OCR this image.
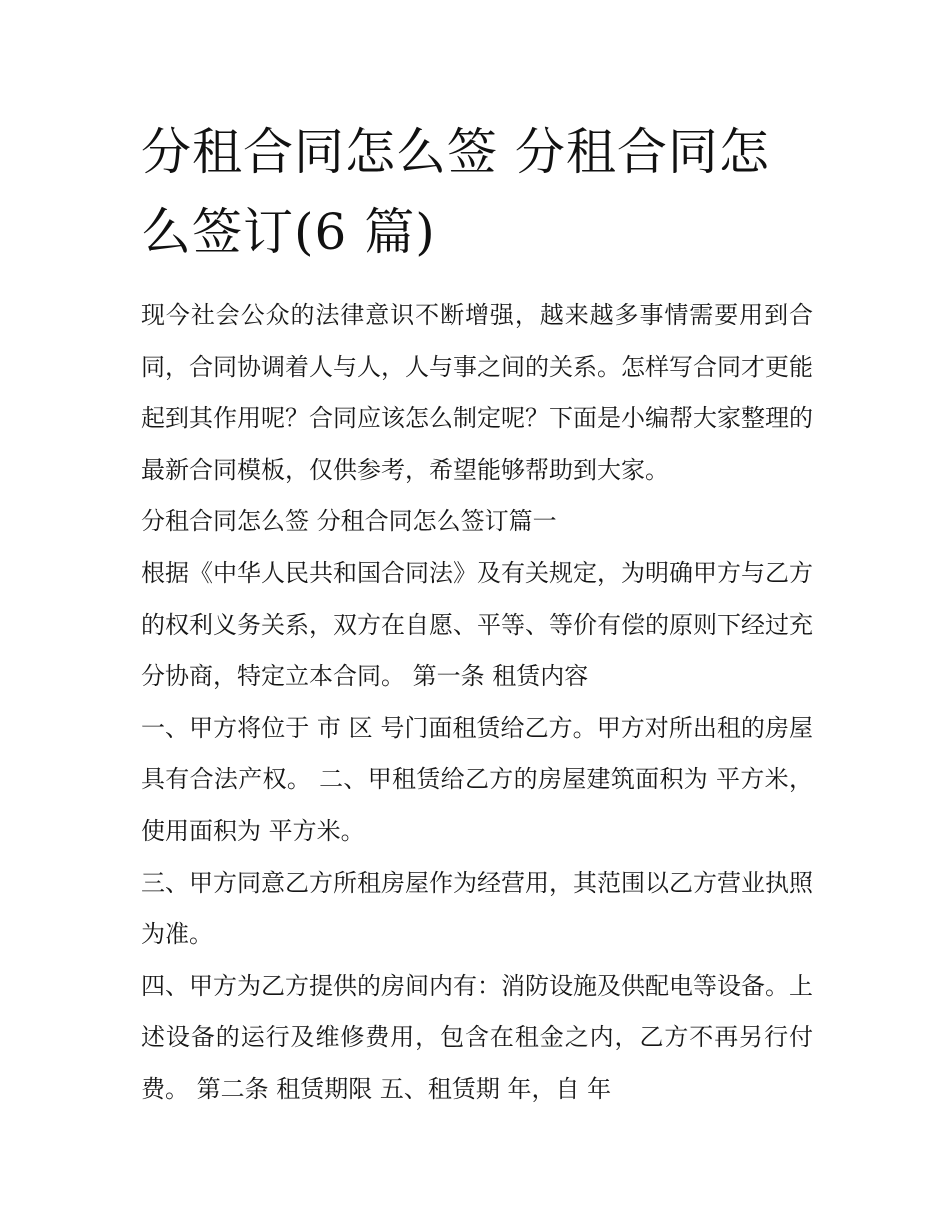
分租合同怎么签 分租合同怎么签订(6 篇)

现今社会公众的法律意识不断增强，越来越多事情需要用到合同，合同协调着人与人，人与事之间的关系。怎样写合同才更能起到其作用呢？合同应该怎么制定呢？下面是小编帮大家整理的最新合同模板，仅供参考，希望能够帮助到大家。

分租合同怎么签 分租合同怎么签订篇一

根据《中华人民共和国合同法》及有关规定，为明确甲方与乙方的权利义务关系，双方在自愿、平等、等价有偿的原则下经过充分协商，特定立本合同。 第一条 租赁内容

一、甲方将位于 市 区 号门面租赁给乙方。甲方对所出租的房屋具有合法产权。 二、甲租赁给乙方的房屋建筑面积为 平方米，使用面积为 平方米。

三、甲方同意乙方所租房屋作为经营用，其范围以乙方营业执照为准。

四、甲方为乙方提供的房间内有：消防设施及供配电等设备。上述设备的运行及维修费用，包含在租金之内，乙方不再另行付费。 第二条 租赁期限 五、租赁期 年，自 年
